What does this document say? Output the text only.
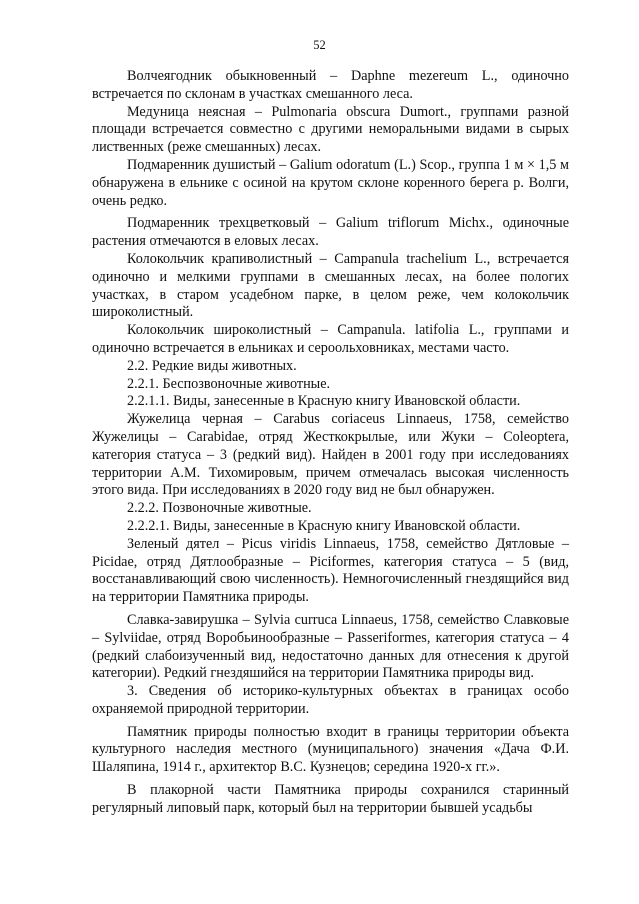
52

Волчеягодник обыкновенный – Daphne mezereum L., одиночно встречается по склонам в участках смешанного леса.

Медуница неясная – Pulmonaria obscura Dumort., группами разной площади встречается совместно с другими неморальными видами в сырых лиственных (реже смешанных) лесах.

Подмаренник душистый – Galium odoratum (L.) Scop., группа 1 м × 1,5 м обнаружена в ельнике с осиной на крутом склоне коренного берега р. Волги, очень редко.

Подмаренник трехцветковый – Galium triflorum Michx., одиночные растения отмечаются в еловых лесах.

Колокольчик крапиволистный – Campanula trachelium L., встречается одиночно и мелкими группами в смешанных лесах, на более пологих участках, в старом усадебном парке, в целом реже, чем колокольчик широколистный.

Колокольчик широколистный – Campanula. latifolia L., группами и одиночно встречается в ельниках и сероольховниках, местами часто.

2.2. Редкие виды животных.

2.2.1. Беспозвоночные животные.

2.2.1.1. Виды, занесенные в Красную книгу Ивановской области.

Жужелица черная – Carabus coriaceus Linnaeus, 1758, семейство Жужелицы – Carabidae, отряд Жесткокрылые, или Жуки – Coleoptera, категория статуса – 3 (редкий вид). Найден в 2001 году при исследованиях территории А.М. Тихомировым, причем отмечалась высокая численность этого вида. При исследованиях в 2020 году вид не был обнаружен.

2.2.2. Позвоночные животные.

2.2.2.1. Виды, занесенные в Красную книгу Ивановской области.

Зеленый дятел – Picus viridis Linnaeus, 1758, семейство Дятловые – Picidae, отряд Дятлообразные – Piciformes, категория статуса – 5 (вид, восстанавливающий свою численность). Немногочисленный гнездящийся вид на территории Памятника природы.

Славка-завирушка – Sylvia curruca Linnaeus, 1758, семейство Славковые – Sylviidae, отряд Воробьинообразные – Passeriformes, категория статуса – 4 (редкий слабоизученный вид, недостаточно данных для отнесения к другой категории). Редкий гнездяшийся на территории Памятника природы вид.

3. Сведения об историко-культурных объектах в границах особо охраняемой природной территории.

Памятник природы полностью входит в границы территории объекта культурного наследия местного (муниципального) значения «Дача Ф.И. Шаляпина, 1914 г., архитектор В.С. Кузнецов; середина 1920-х гг.».

В плакорной части Памятника природы сохранился старинный регулярный липовый парк, который был на территории бывшей усадьбы
